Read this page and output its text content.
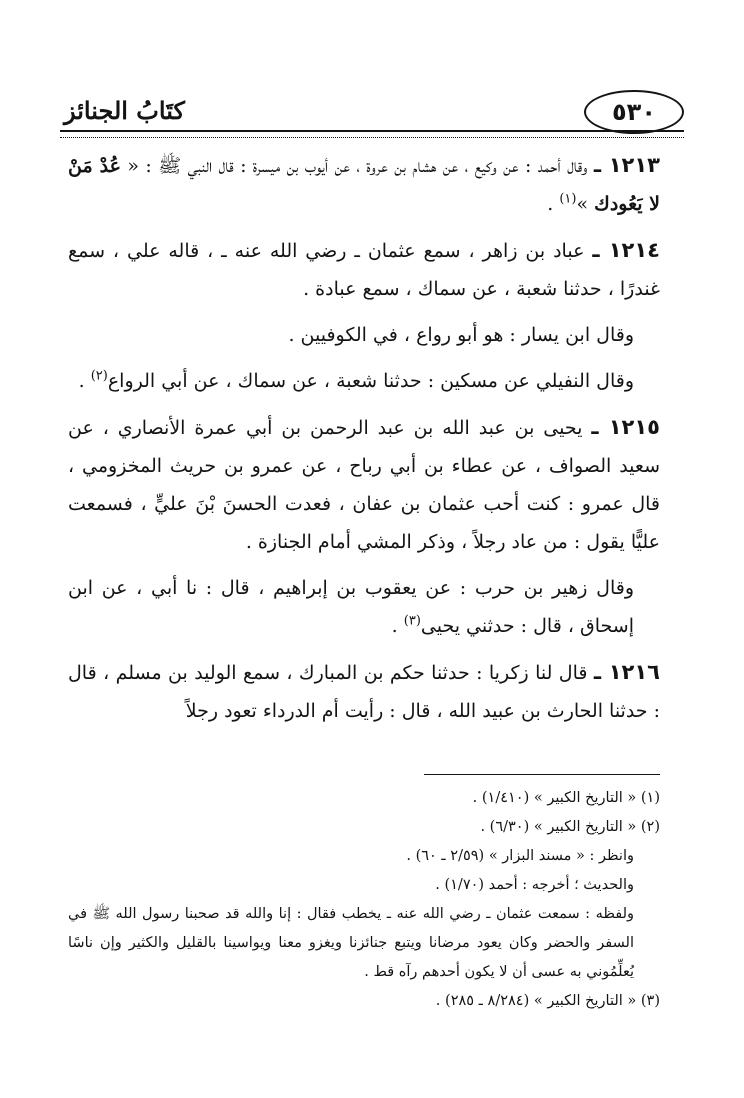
٥٣٠
كتَابُ الجنائز

١٢١٣ ـ وقال أحمد : عن وكيع ، عن هشام بن عروة ، عن أيوب بن ميسرة : قال النبي ﷺ : « عُدْ مَنْ لا يَعُودك »$^{(١)}$ .

١٢١٤ ـ عباد بن زاهر ، سمع عثمان ـ رضي الله عنه ـ ، قاله علي ، سمع غندرًا ، حدثنا شعبة ، عن سماك ، سمع عبادة .

وقال ابن يسار : هو أبو رواع ، في الكوفيين .

وقال النفيلي عن مسكين : حدثنا شعبة ، عن سماك ، عن أبي الرواع$^{(٢)}$ .

١٢١٥ ـ يحيى بن عبد الله بن عبد الرحمن بن أبي عمرة الأنصاري ، عن سعيد الصواف ، عن عطاء بن أبي رباح ، عن عمرو بن حريث المخزومي ، قال عمرو : كنت أحب عثمان بن عفان ، فعدت الحسنَ بْنَ عليٍّ ، فسمعت عليًّا يقول : من عاد رجلاً ، وذكر المشي أمام الجنازة .

وقال زهير بن حرب : عن يعقوب بن إبراهيم ، قال : نا أبي ، عن ابن إسحاق ، قال : حدثني يحيى$^{(٣)}$ .

١٢١٦ ـ قال لنا زكريا : حدثنا حكم بن المبارك ، سمع الوليد بن مسلم ، قال : حدثنا الحارث بن عبيد الله ، قال : رأيت أم الدرداء تعود رجلاً

(١) « التاريخ الكبير » (١/٤١٠) .

(٢) « التاريخ الكبير » (٦/٣٠) .

وانظر : « مسند البزار » (٢/٥٩ ـ ٦٠) .

والحديث ؛ أخرجه : أحمد (١/٧٠) .

ولفظه : سمعت عثمان ـ رضي الله عنه ـ يخطب فقال : إنا والله قد صحبنا رسول الله ﷺ في السفر والحضر وكان يعود مرضانا ويتبع جنائزنا ويغزو معنا ويواسينا بالقليل والكثير وإن ناسًا يُعلِّمُوني به عسى أن لا يكون أحدهم رآه قط .

(٣) « التاريخ الكبير » (٨/٢٨٤ ـ ٢٨٥) .
